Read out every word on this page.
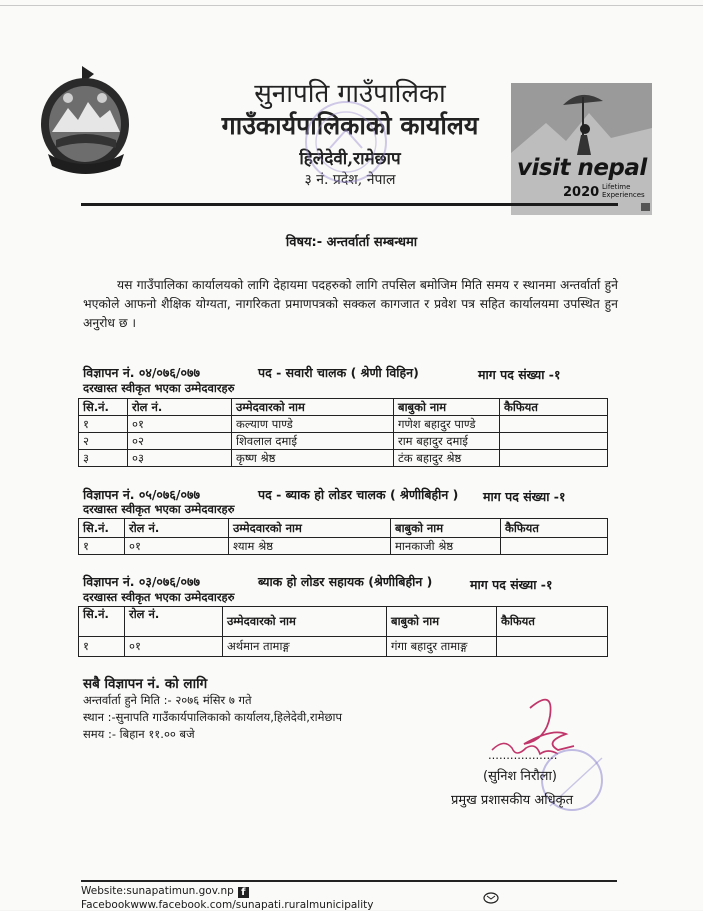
सुनापति गाउँपालिका
गाउँकार्यपालिकाको कार्यालय
हिलेदेवी,रामेछाप
३ नं. प्रदेश, नेपाल	visit nepal
2020 Lifetime
Experiences
विषय:- अन्तर्वार्ता सम्बन्धमा
यस गाउँपालिका कार्यालयको लागि देहायमा पदहरुको लागि तपसिल बमोजिम मिति समय र स्थानमा अन्तर्वार्ता हुने भएकोले आफनो शैक्षिक योग्यता, नागरिकता प्रमाणपत्रको सक्कल कागजात र प्रवेश पत्र सहित कार्यालयमा उपस्थित हुन अनुरोध छ ।
विज्ञापन नं. ०४/०७६/०७७	पद - सवारी चालक ( श्रेणी विहिन)	माग पद संख्या -१
दरखास्त स्वीकृत भएका उम्मेदवारहरु
सि.नं.	रोल नं.	उम्मेदवारको नाम	बाबुको नाम	कैफियत
१	०१	कल्याण पाण्डे	गणेश बहादुर पाण्डे	
२	०२	शिवलाल दमाई	राम बहादुर दमाई	
३	०३	कृष्ण श्रेष्ठ	टंक बहादुर श्रेष्ठ	
विज्ञापन नं. ०५/०७६/०७७	पद - ब्याक हो लोडर चालक ( श्रेणीबिहीन ) माग पद संख्या -१
दरखास्त स्वीकृत भएका उम्मेदवारहरु
सि.नं.	रोल नं.	उम्मेदवारको नाम	बाबुको नाम	कैफियत
१	०१	श्याम श्रेष्ठ	मानकाजी श्रेष्ठ	
विज्ञापन नं. ०३/०७६/०७७	ब्याक हो लोडर सहायक (श्रेणीबिहीन )	माग पद संख्या -१
दरखास्त स्वीकृत भएका उम्मेदवारहरु
सि.नं.	रोल नं.	उम्मेदवारको नाम	बाबुको नाम	कैफियत
१	०१	अर्थमान तामाङ्ग	गंगा बहादुर तामाङ्ग	
सबै विज्ञापन नं. को लागि
अन्तर्वार्ता हुने मिति :- २०७६ मंसिर ७ गते
स्थान :-सुनापति गाउँकार्यपालिकाको कार्यालय,हिलेदेवी,रामेछाप
समय :- बिहान ११.०० बजे
...................
(सुनिश निरौला)
प्रमुख प्रशासकीय अधिकृत
Website:sunapatimun.gov.np f
Facebookwww.facebook.com/sunapati.ruralmunicipality
